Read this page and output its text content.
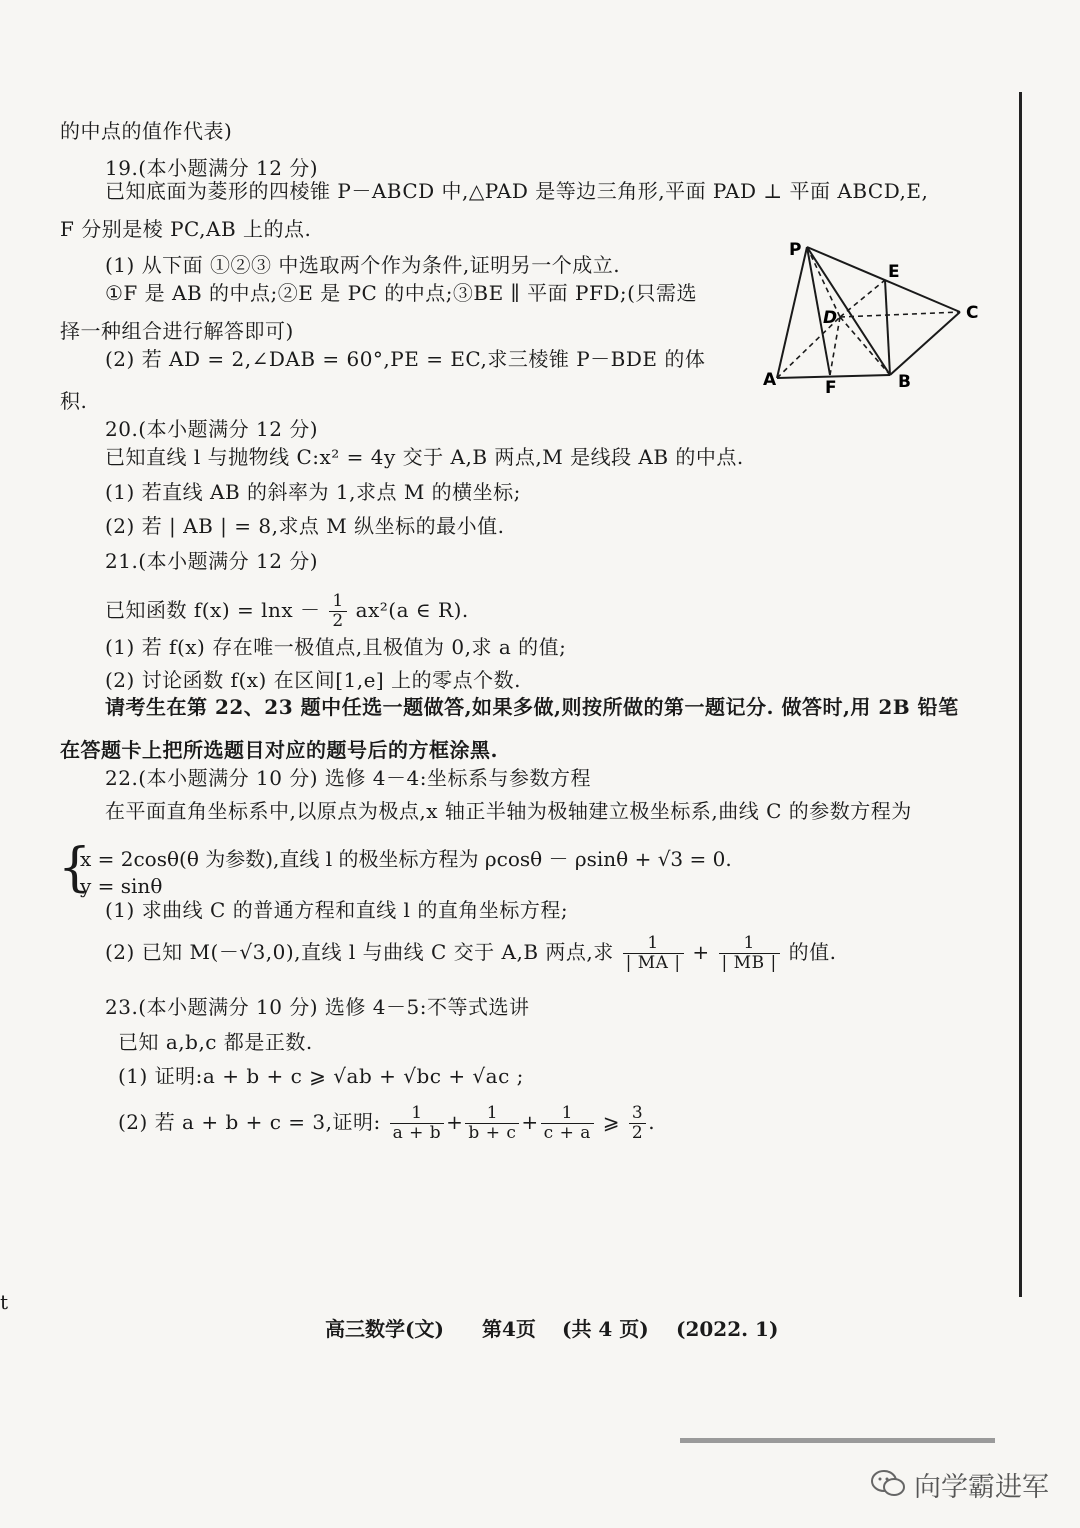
的中点的值作代表)
19.(本小题满分 12 分)
已知底面为菱形的四棱锥 P－ABCD 中,△PAD 是等边三角形,平面 PAD ⊥ 平面 ABCD,E,
F 分别是棱 PC,AB 上的点.
(1) 从下面 ①②③ 中选取两个作为条件,证明另一个成立.
①F 是 AB 的中点;②E 是 PC 的中点;③BE ∥ 平面 PFD;(只需选
择一种组合进行解答即可)
(2) 若 AD = 2,∠DAB = 60°,PE = EC,求三棱锥 P－BDE 的体
积.
P
E
D	C
A	F	B
20.(本小题满分 12 分)
已知直线 l 与抛物线 C:x² = 4y 交于 A,B 两点,M 是线段 AB 的中点.
(1) 若直线 AB 的斜率为 1,求点 M 的横坐标;
(2) 若 | AB | = 8,求点 M 纵坐标的最小值.
21.(本小题满分 12 分)
已知函数 $f(x) = \ln x - \frac{1}{2} ax^2(a$ ∈ R).
(1) 若 f(x) 存在唯一极值点,且极值为 0,求 a 的值;
(2) 讨论函数 f(x) 在区间[1,e] 上的零点个数.
请考生在第 22、23 题中任选一题做答,如果多做,则按所做的第一题记分. 做答时,用 2B 铅笔
在答题卡上把所选题目对应的题号后的方框涂黑.
22.(本小题满分 10 分) 选修 4－4:坐标系与参数方程
在平面直角坐标系中,以原点为极点,x 轴正半轴为极轴建立极坐标系,曲线 C 的参数方程为
{
x = 2cosθ(θ 为参数),直线 l 的极坐标方程为 ρcosθ － ρsinθ + √3 = 0.
y = sinθ
(1) 求曲线 C 的普通方程和直线 l 的直角坐标方程;
(2) 已知 M(－√3,0),直线 l 与曲线 C 交于 A,B 两点,求 $\frac{1}{| MA |} + \frac{1}{| MB |}$ 的值.
23.(本小题满分 10 分) 选修 4－5:不等式选讲
已知 a,b,c 都是正数.
(1) 证明:a + b + c ⩾ √ab + √bc + √ac ;
(2) 若 a + b + c = 3,证明: $\frac{1}{a + b} + \frac{1}{b + c} + \frac{1}{c + a}$ ⩾ $\frac{3}{2}$ .
t
高三数学(文) 第4页 (共 4 页) (2022. 1)
向学霸进军
